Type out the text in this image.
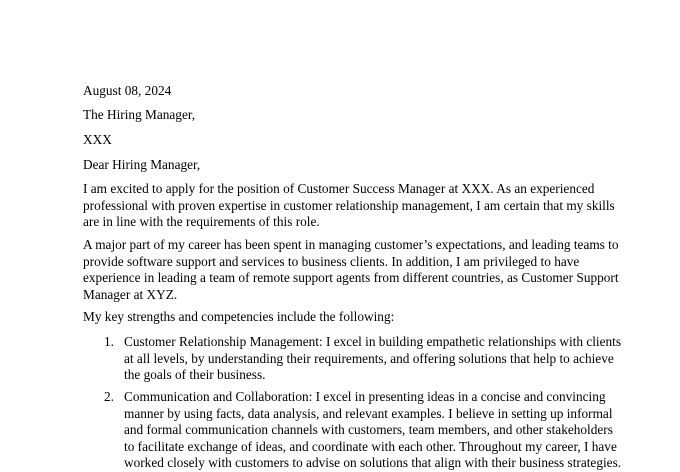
August 08, 2024

The Hiring Manager,

XXX

Dear Hiring Manager,

I am excited to apply for the position of Customer Success Manager at XXX. As an experienced
professional with proven expertise in customer relationship management, I am certain that my skills
are in line with the requirements of this role.
A major part of my career has been spent in managing customer’s expectations, and leading teams to
provide software support and services to business clients. In addition, I am privileged to have
experience in leading a team of remote support agents from different countries, as Customer Support
Manager at XYZ.

My key strengths and competencies include the following:

1. Customer Relationship Management: I excel in building empathetic relationships with clients
at all levels, by understanding their requirements, and offering solutions that help to achieve
the goals of their business.
2. Communication and Collaboration: I excel in presenting ideas in a concise and convincing
manner by using facts, data analysis, and relevant examples. I believe in setting up informal
and formal communication channels with customers, team members, and other stakeholders
to facilitate exchange of ideas, and coordinate with each other. Throughout my career, I have
worked closely with customers to advise on solutions that align with their business strategies.
